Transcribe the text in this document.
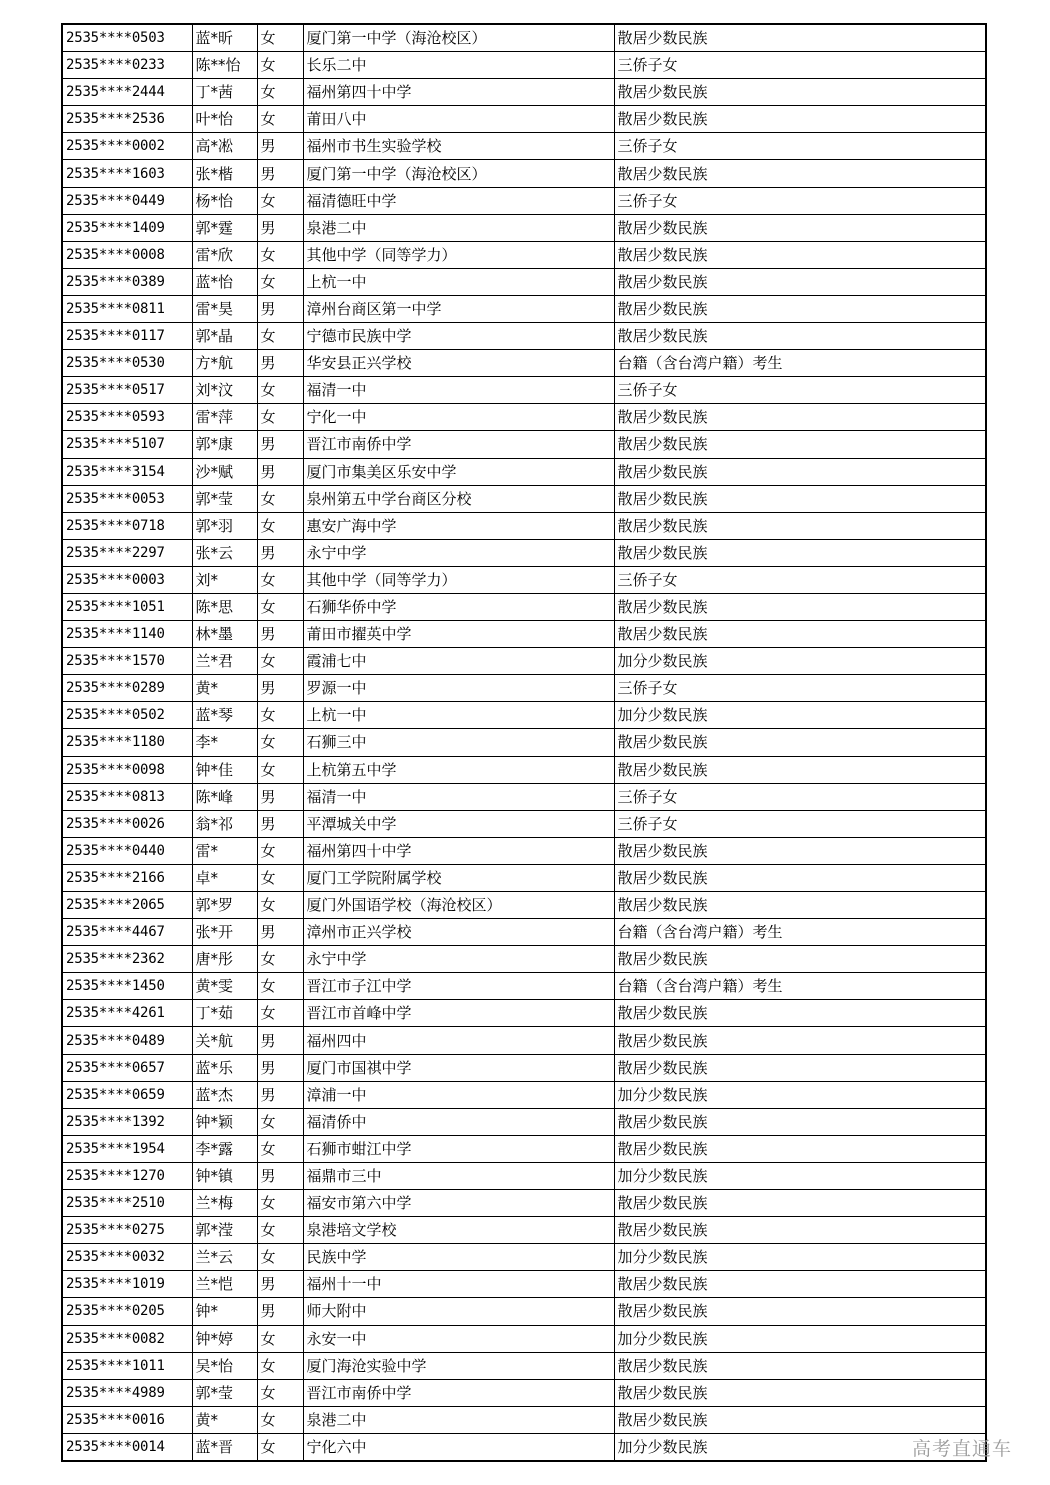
2535****0503	蓝*昕	女	厦门第一中学（海沧校区）	散居少数民族
2535****0233	陈**怡	女	长乐二中	三侨子女
2535****2444	丁*茜	女	福州第四十中学	散居少数民族
2535****2536	叶*怡	女	莆田八中	散居少数民族
2535****0002	高*凇	男	福州市书生实验学校	三侨子女
2535****1603	张*楷	男	厦门第一中学（海沧校区）	散居少数民族
2535****0449	杨*怡	女	福清德旺中学	三侨子女
2535****1409	郭*霆	男	泉港二中	散居少数民族
2535****0008	雷*欣	女	其他中学（同等学力）	散居少数民族
2535****0389	蓝*怡	女	上杭一中	散居少数民族
2535****0811	雷*昊	男	漳州台商区第一中学	散居少数民族
2535****0117	郭*晶	女	宁德市民族中学	散居少数民族
2535****0530	方*航	男	华安县正兴学校	台籍（含台湾户籍）考生
2535****0517	刘*汶	女	福清一中	三侨子女
2535****0593	雷*萍	女	宁化一中	散居少数民族
2535****5107	郭*康	男	晋江市南侨中学	散居少数民族
2535****3154	沙*赋	男	厦门市集美区乐安中学	散居少数民族
2535****0053	郭*莹	女	泉州第五中学台商区分校	散居少数民族
2535****0718	郭*羽	女	惠安广海中学	散居少数民族
2535****2297	张*云	男	永宁中学	散居少数民族
2535****0003	刘*	女	其他中学（同等学力）	三侨子女
2535****1051	陈*思	女	石狮华侨中学	散居少数民族
2535****1140	林*墨	男	莆田市擢英中学	散居少数民族
2535****1570	兰*君	女	霞浦七中	加分少数民族
2535****0289	黄*	男	罗源一中	三侨子女
2535****0502	蓝*琴	女	上杭一中	加分少数民族
2535****1180	李*	女	石狮三中	散居少数民族
2535****0098	钟*佳	女	上杭第五中学	散居少数民族
2535****0813	陈*峰	男	福清一中	三侨子女
2535****0026	翁*祁	男	平潭城关中学	三侨子女
2535****0440	雷*	女	福州第四十中学	散居少数民族
2535****2166	卓*	女	厦门工学院附属学校	散居少数民族
2535****2065	郭*罗	女	厦门外国语学校（海沧校区）	散居少数民族
2535****4467	张*开	男	漳州市正兴学校	台籍（含台湾户籍）考生
2535****2362	唐*彤	女	永宁中学	散居少数民族
2535****1450	黄*雯	女	晋江市子江中学	台籍（含台湾户籍）考生
2535****4261	丁*茹	女	晋江市首峰中学	散居少数民族
2535****0489	关*航	男	福州四中	散居少数民族
2535****0657	蓝*乐	男	厦门市国祺中学	散居少数民族
2535****0659	蓝*杰	男	漳浦一中	加分少数民族
2535****1392	钟*颖	女	福清侨中	散居少数民族
2535****1954	李*露	女	石狮市蚶江中学	散居少数民族
2535****1270	钟*镇	男	福鼎市三中	加分少数民族
2535****2510	兰*梅	女	福安市第六中学	散居少数民族
2535****0275	郭*滢	女	泉港培文学校	散居少数民族
2535****0032	兰*云	女	民族中学	加分少数民族
2535****1019	兰*恺	男	福州十一中	散居少数民族
2535****0205	钟*	男	师大附中	散居少数民族
2535****0082	钟*婷	女	永安一中	加分少数民族
2535****1011	吴*怡	女	厦门海沧实验中学	散居少数民族
2535****4989	郭*莹	女	晋江市南侨中学	散居少数民族
2535****0016	黄*	女	泉港二中	散居少数民族
2535****0014	蓝*晋	女	宁化六中	加分少数民族	高考直通车
